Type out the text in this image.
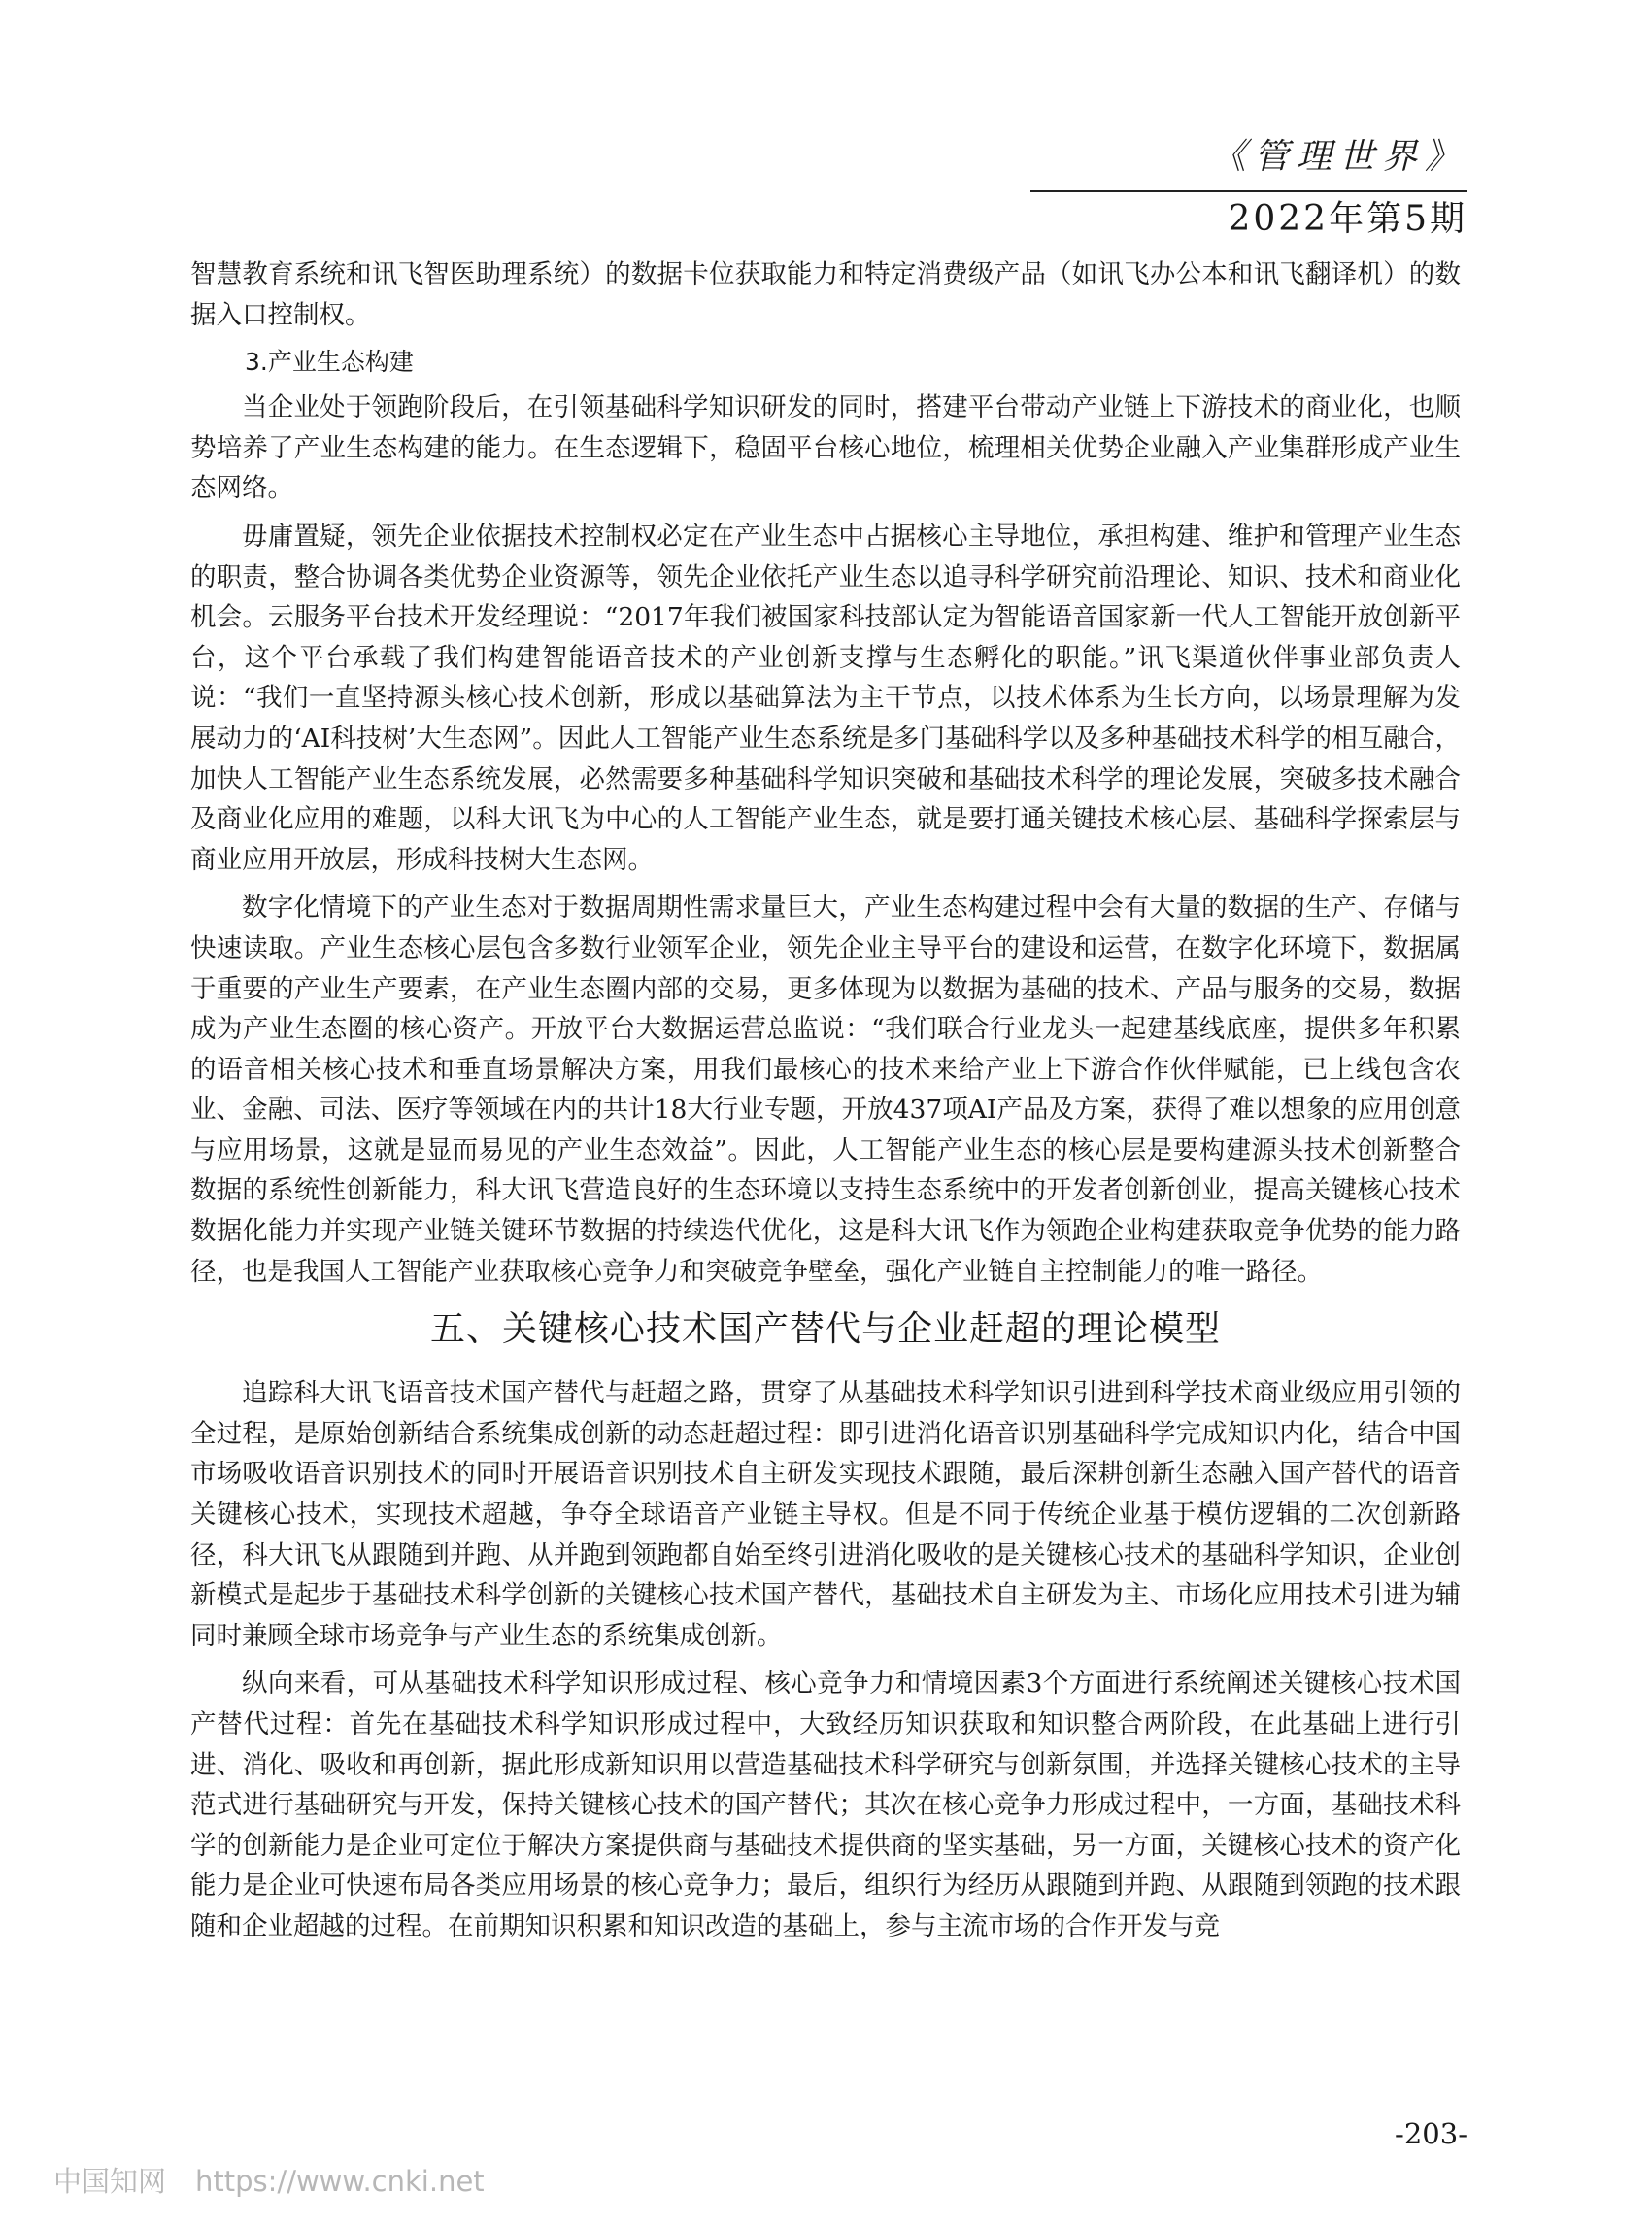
《管理世界》
2022年第5期

智慧教育系统和讯飞智医助理系统）的数据卡位获取能力和特定消费级产品（如讯飞办公本和讯飞翻译机）的数据入口控制权。

3.产业生态构建

当企业处于领跑阶段后，在引领基础科学知识研发的同时，搭建平台带动产业链上下游技术的商业化，也顺势培养了产业生态构建的能力。在生态逻辑下，稳固平台核心地位，梳理相关优势企业融入产业集群形成产业生态网络。

毋庸置疑，领先企业依据技术控制权必定在产业生态中占据核心主导地位，承担构建、维护和管理产业生态的职责，整合协调各类优势企业资源等，领先企业依托产业生态以追寻科学研究前沿理论、知识、技术和商业化机会。云服务平台技术开发经理说：“2017年我们被国家科技部认定为智能语音国家新一代人工智能开放创新平台，这个平台承载了我们构建智能语音技术的产业创新支撑与生态孵化的职能。”讯飞渠道伙伴事业部负责人说：“我们一直坚持源头核心技术创新，形成以基础算法为主干节点，以技术体系为生长方向，以场景理解为发展动力的‘AI科技树’大生态网”。因此人工智能产业生态系统是多门基础科学以及多种基础技术科学的相互融合，加快人工智能产业生态系统发展，必然需要多种基础科学知识突破和基础技术科学的理论发展，突破多技术融合及商业化应用的难题，以科大讯飞为中心的人工智能产业生态，就是要打通关键技术核心层、基础科学探索层与商业应用开放层，形成科技树大生态网。

数字化情境下的产业生态对于数据周期性需求量巨大，产业生态构建过程中会有大量的数据的生产、存储与快速读取。产业生态核心层包含多数行业领军企业，领先企业主导平台的建设和运营，在数字化环境下，数据属于重要的产业生产要素，在产业生态圈内部的交易，更多体现为以数据为基础的技术、产品与服务的交易，数据成为产业生态圈的核心资产。开放平台大数据运营总监说：“我们联合行业龙头一起建基线底座，提供多年积累的语音相关核心技术和垂直场景解决方案，用我们最核心的技术来给产业上下游合作伙伴赋能，已上线包含农业、金融、司法、医疗等领域在内的共计18大行业专题，开放437项AI产品及方案，获得了难以想象的应用创意与应用场景，这就是显而易见的产业生态效益”。因此，人工智能产业生态的核心层是要构建源头技术创新整合数据的系统性创新能力，科大讯飞营造良好的生态环境以支持生态系统中的开发者创新创业，提高关键核心技术数据化能力并实现产业链关键环节数据的持续迭代优化，这是科大讯飞作为领跑企业构建获取竞争优势的能力路径，也是我国人工智能产业获取核心竞争力和突破竞争壁垒，强化产业链自主控制能力的唯一路径。

五、关键核心技术国产替代与企业赶超的理论模型

追踪科大讯飞语音技术国产替代与赶超之路，贯穿了从基础技术科学知识引进到科学技术商业级应用引领的全过程，是原始创新结合系统集成创新的动态赶超过程：即引进消化语音识别基础科学完成知识内化，结合中国市场吸收语音识别技术的同时开展语音识别技术自主研发实现技术跟随，最后深耕创新生态融入国产替代的语音关键核心技术，实现技术超越，争夺全球语音产业链主导权。但是不同于传统企业基于模仿逻辑的二次创新路径，科大讯飞从跟随到并跑、从并跑到领跑都自始至终引进消化吸收的是关键核心技术的基础科学知识，企业创新模式是起步于基础技术科学创新的关键核心技术国产替代，基础技术自主研发为主、市场化应用技术引进为辅同时兼顾全球市场竞争与产业生态的系统集成创新。

纵向来看，可从基础技术科学知识形成过程、核心竞争力和情境因素3个方面进行系统阐述关键核心技术国产替代过程：首先在基础技术科学知识形成过程中，大致经历知识获取和知识整合两阶段，在此基础上进行引进、消化、吸收和再创新，据此形成新知识用以营造基础技术科学研究与创新氛围，并选择关键核心技术的主导范式进行基础研究与开发，保持关键核心技术的国产替代；其次在核心竞争力形成过程中，一方面，基础技术科学的创新能力是企业可定位于解决方案提供商与基础技术提供商的坚实基础，另一方面，关键核心技术的资产化能力是企业可快速布局各类应用场景的核心竞争力；最后，组织行为经历从跟随到并跑、从跟随到领跑的技术跟随和企业超越的过程。在前期知识积累和知识改造的基础上，参与主流市场的合作开发与竞

-203-
中国知网 https://www.cnki.net
